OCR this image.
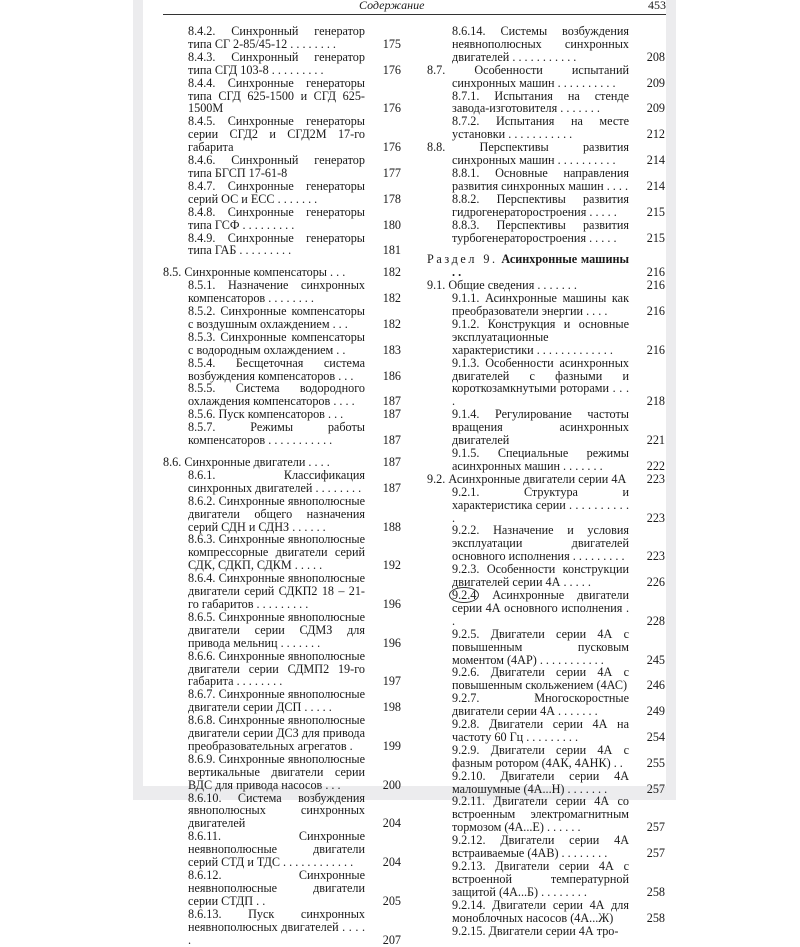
Содержание	453
8.4.2. Синхронный генератор типа СГ 2-85/45-12 . . . . . . . .	175
8.4.3. Синхронный генератор типа СГД 103-8 . . . . . . . . .	176
8.4.4. Синхронные генераторы типа СГД 625-1500 и СГД 625-1500М	176
8.4.5. Синхронные генераторы серии СГД2 и СГД2М 17-го габарита	176
8.4.6. Синхронный генератор типа БГСП 17-61-8	177
8.4.7. Синхронные генераторы серий ОС и ЕСС . . . . . . .	178
8.4.8. Синхронные генераторы типа ГСФ . . . . . . . . .	180
8.4.9. Синхронные генераторы типа ГАБ . . . . . . . . .	181
8.5. Синхронные компенсаторы . . .	182
8.5.1. Назначение синхронных компенсаторов . . . . . . . .	182
8.5.2. Синхронные компенсаторы с воздушным охлаждением . . .	182
8.5.3. Синхронные компенсаторы с водородным охлаждением . .	183
8.5.4. Бесщеточная система возбуждения компенсаторов . . .	186
8.5.5. Система водородного охлаждения компенсаторов . . . .	187
8.5.6. Пуск компенсаторов . . .	187
8.5.7. Режимы работы компенсаторов . . . . . . . . . . .	187
8.6. Синхронные двигатели . . . .	187
8.6.1. Классификация синхронных двигателей . . . . . . . .	187
8.6.2. Синхронные явнополюсные двигатели общего назначения серий СДН и СДНЗ . . . . . .	188
8.6.3. Синхронные явнополюсные компрессорные двигатели серий СДК, СДКП, СДКМ . . . . .	192
8.6.4. Синхронные явнополюсные двигатели серий СДКП2 18 – 21-го габаритов . . . . . . . . .	196
8.6.5. Синхронные явнополюсные двигатели серии СДМЗ для привода мельниц . . . . . . .	196
8.6.6. Синхронные явнополюсные двигатели серии СДМП2 19-го габарита . . . . . . . .	197
8.6.7. Синхронные явнополюсные двигатели серии ДСП . . . . .	198
8.6.8. Синхронные явнополюсные двигатели серии ДСЗ для привода преобразовательных агрегатов .	199
8.6.9. Синхронные явнополюсные вертикальные двигатели серии ВДС для привода насосов . . .	200
8.6.10. Система возбуждения явнополюсных синхронных двигателей	204
8.6.11. Синхронные неявнополюсные двигатели серий СТД и ТДС . . . . . . . . . . . .	204
8.6.12. Синхронные неявнополюсные двигатели серии СТДП . .	205
8.6.13. Пуск синхронных неявнополюсных двигателей . . . . .	207
8.6.14. Системы возбуждения неявнополюсных синхронных двигателей . . . . . . . . . . .	208
8.7. Особенности испытаний синхронных машин . . . . . . . . . .	209
8.7.1. Испытания на стенде завода-изготовителя . . . . . . .	209
8.7.2. Испытания на месте установки . . . . . . . . . . .	212
8.8. Перспективы развития синхронных машин . . . . . . . . . .	214
8.8.1. Основные направления развития синхронных машин . . . . 214
8.8.2. Перспективы развития гидрогенераторостроения . . . . .	215
8.8.3. Перспективы развития турбогенераторостроения . . . . .	215
Раздел 9. Асинхронные машины . .	216
9.1. Общие сведения . . . . . . .	216
9.1.1. Асинхронные машины как преобразователи энергии . . . .	216
9.1.2. Конструкция и основные эксплуатационные характеристики . . . . . . . . . . . . .	216
9.1.3. Особенности асинхронных двигателей с фазными и короткозамкнутыми роторами . . . .	218
9.1.4. Регулирование частоты вращения асинхронных двигателей	221
9.1.5. Специальные режимы асинхронных машин . . . . . . .	222
9.2. Асинхронные двигатели серии 4А 223
9.2.1. Структура и характеристика серии . . . . . . . . . . .	223
9.2.2. Назначение и условия эксплуатации двигателей основного исполнения . . . . . . . . .	223
9.2.3. Особенности конструкции двигателей серии 4А . . . . .	226
9.2.4 Асинхронные двигатели серии 4А основного исполнения . .	228
9.2.5. Двигатели серии 4А с повышенным пусковым моментом (4АР) . . . . . . . . . . .	245
9.2.6. Двигатели серии 4А с повышенным скольжением (4АС) 246
9.2.7. Многоскоростные двигатели серии 4А . . . . . . .	249
9.2.8. Двигатели серии 4А на частоту 60 Гц . . . . . . . . .	254
9.2.9. Двигатели серии 4А с фазным ротором (4АК, 4АНК) . .	255
9.2.10. Двигатели серии 4А малошумные (4А...Н) . . . . . . .	257
9.2.11. Двигатели серии 4А со встроенным электромагнитным тормозом (4А...Е) . . . . . .	257
9.2.12. Двигатели серии 4А встраиваемые (4АВ) . . . . . . . .	257
9.2.13. Двигатели серии 4А с встроенной температурной защитой (4А...Б) . . . . . . . .	258
9.2.14. Двигатели серии 4А для моноблочных насосов (4А...Ж)	258
9.2.15. Двигатели серии 4А тро-
